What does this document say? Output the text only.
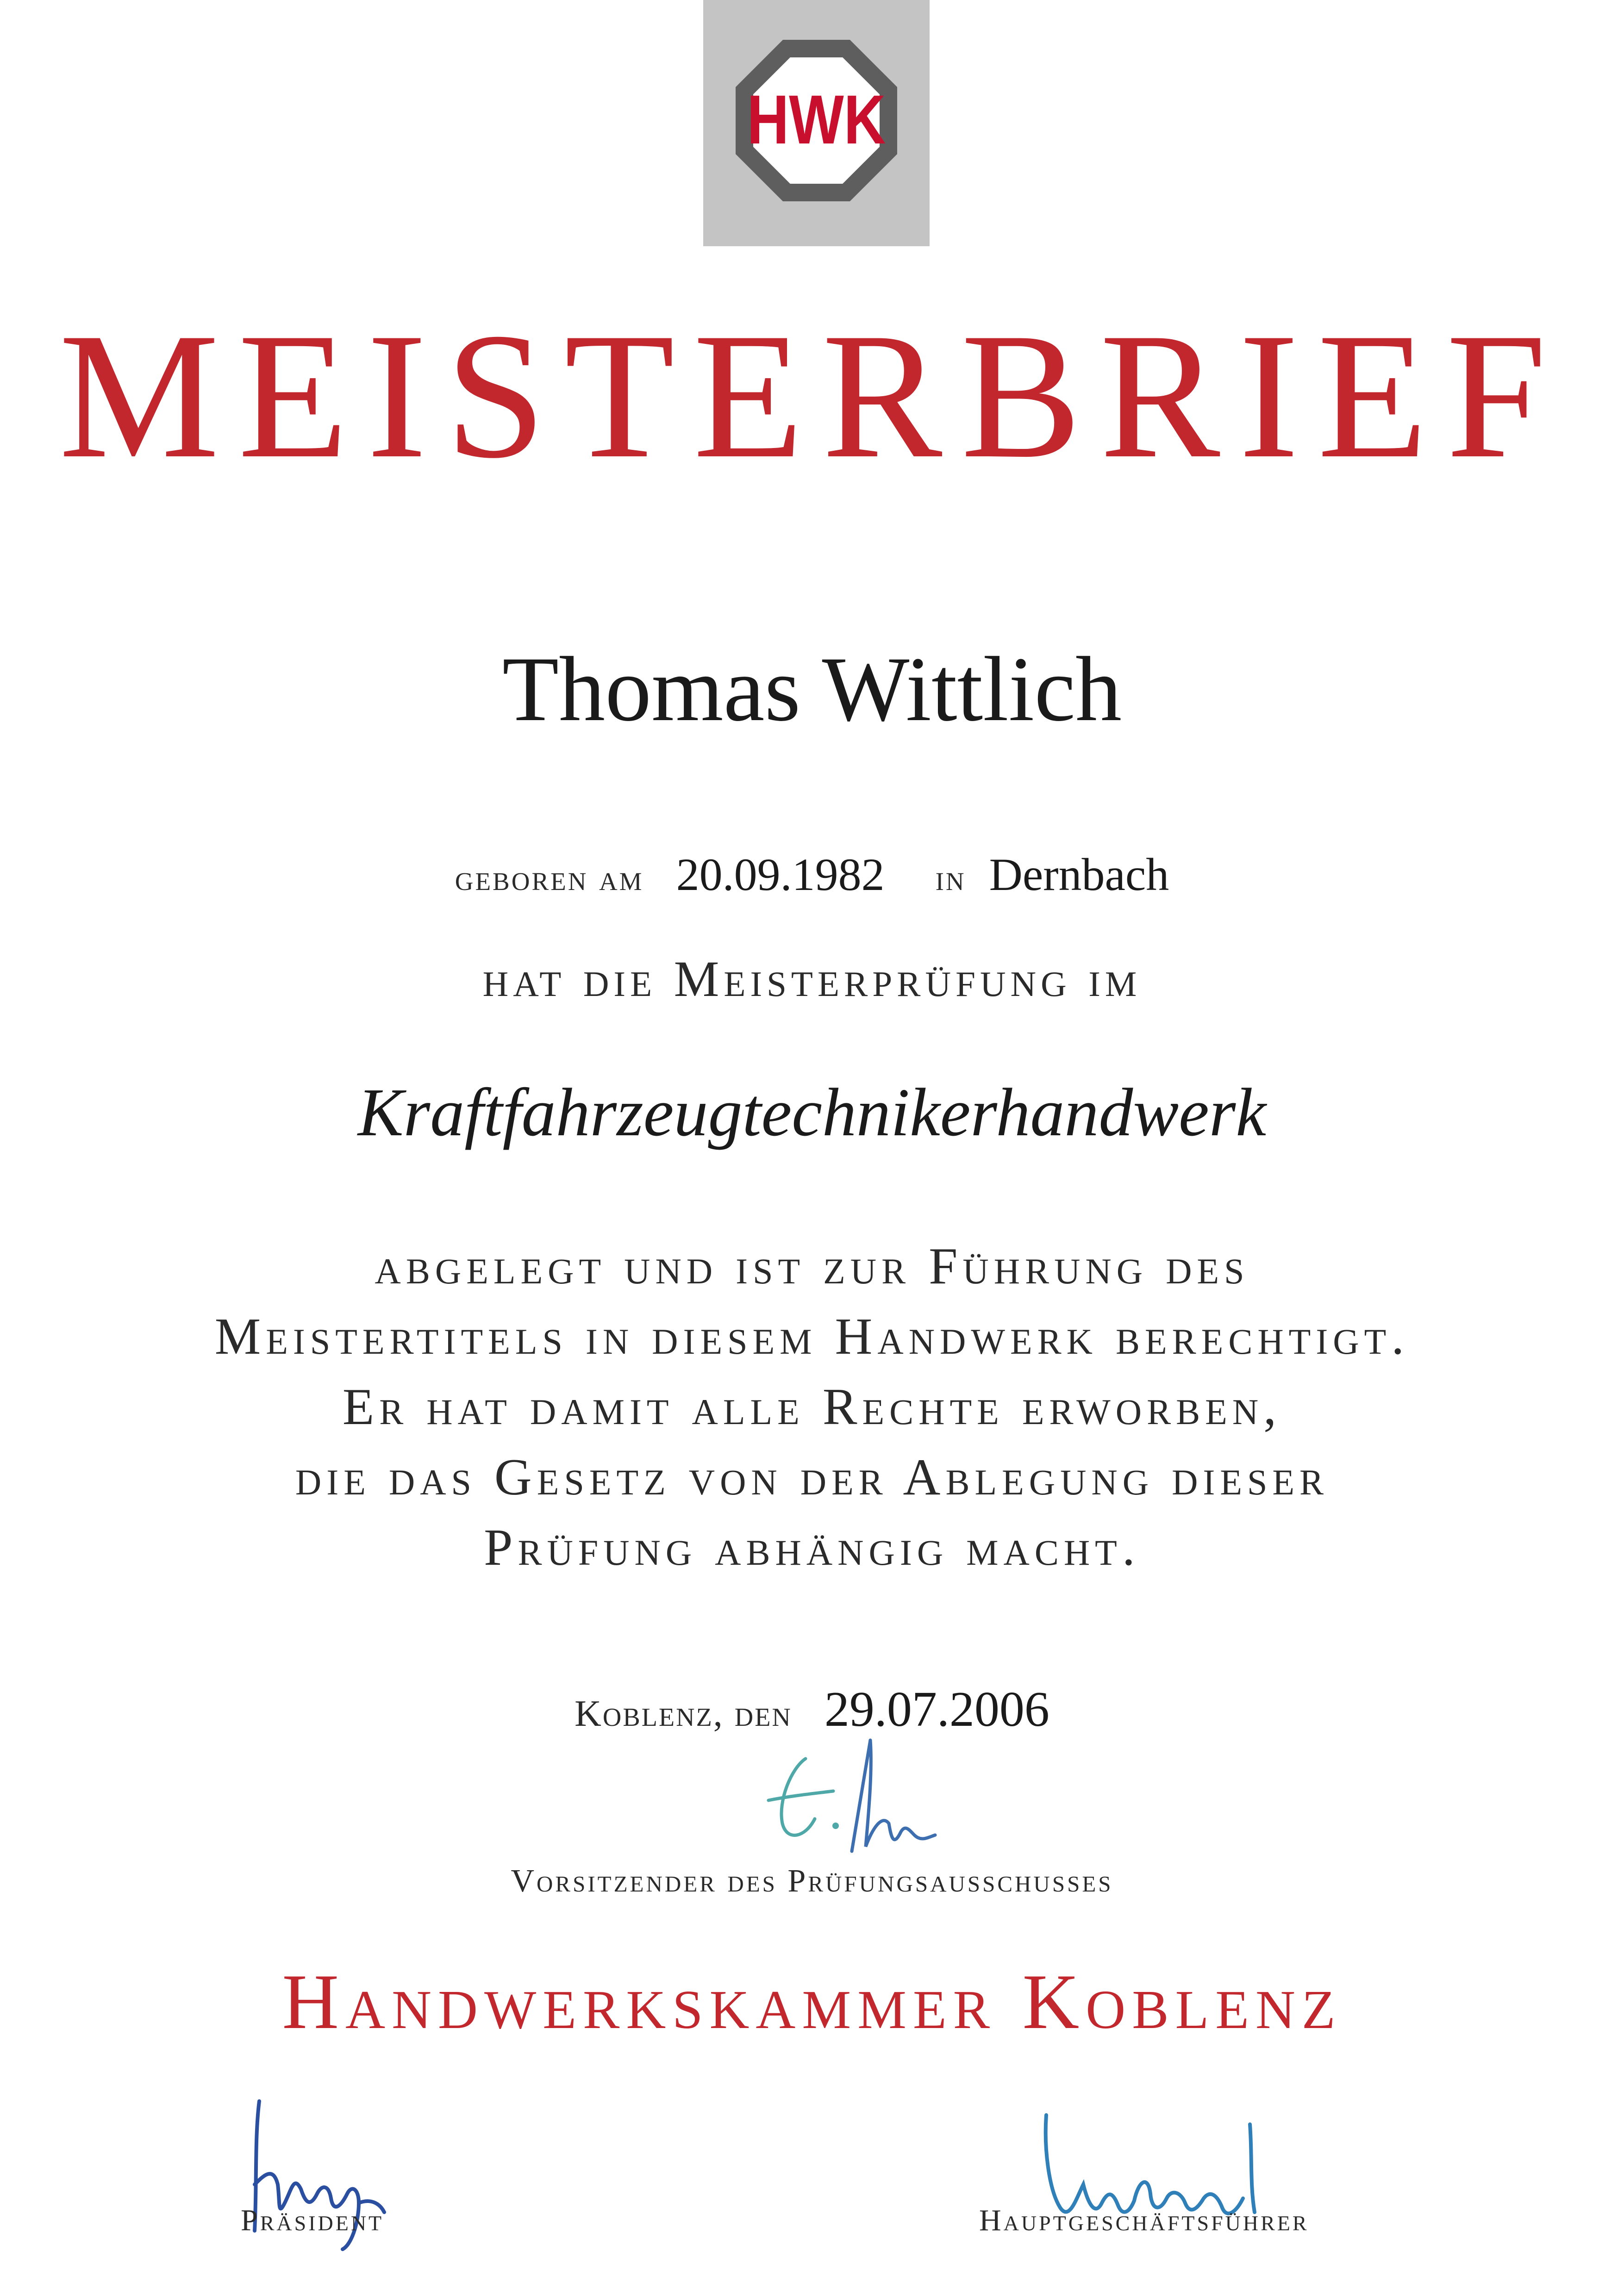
HWK
MEISTERBRIEF
Thomas Wittlich
geboren am 20.09.1982 in Dernbach
hat die Meisterprüfung im
Kraftfahrzeugtechnikerhandwerk
abgelegt und ist zur Führung des
Meistertitels in diesem Handwerk berechtigt.
Er hat damit alle Rechte erworben,
die das Gesetz von der Ablegung dieser
Prüfung abhängig macht.
Koblenz, den 29.07.2006
Vorsitzender des Prüfungsausschusses
Handwerkskammer Koblenz
Präsident	Hauptgeschäftsführer
